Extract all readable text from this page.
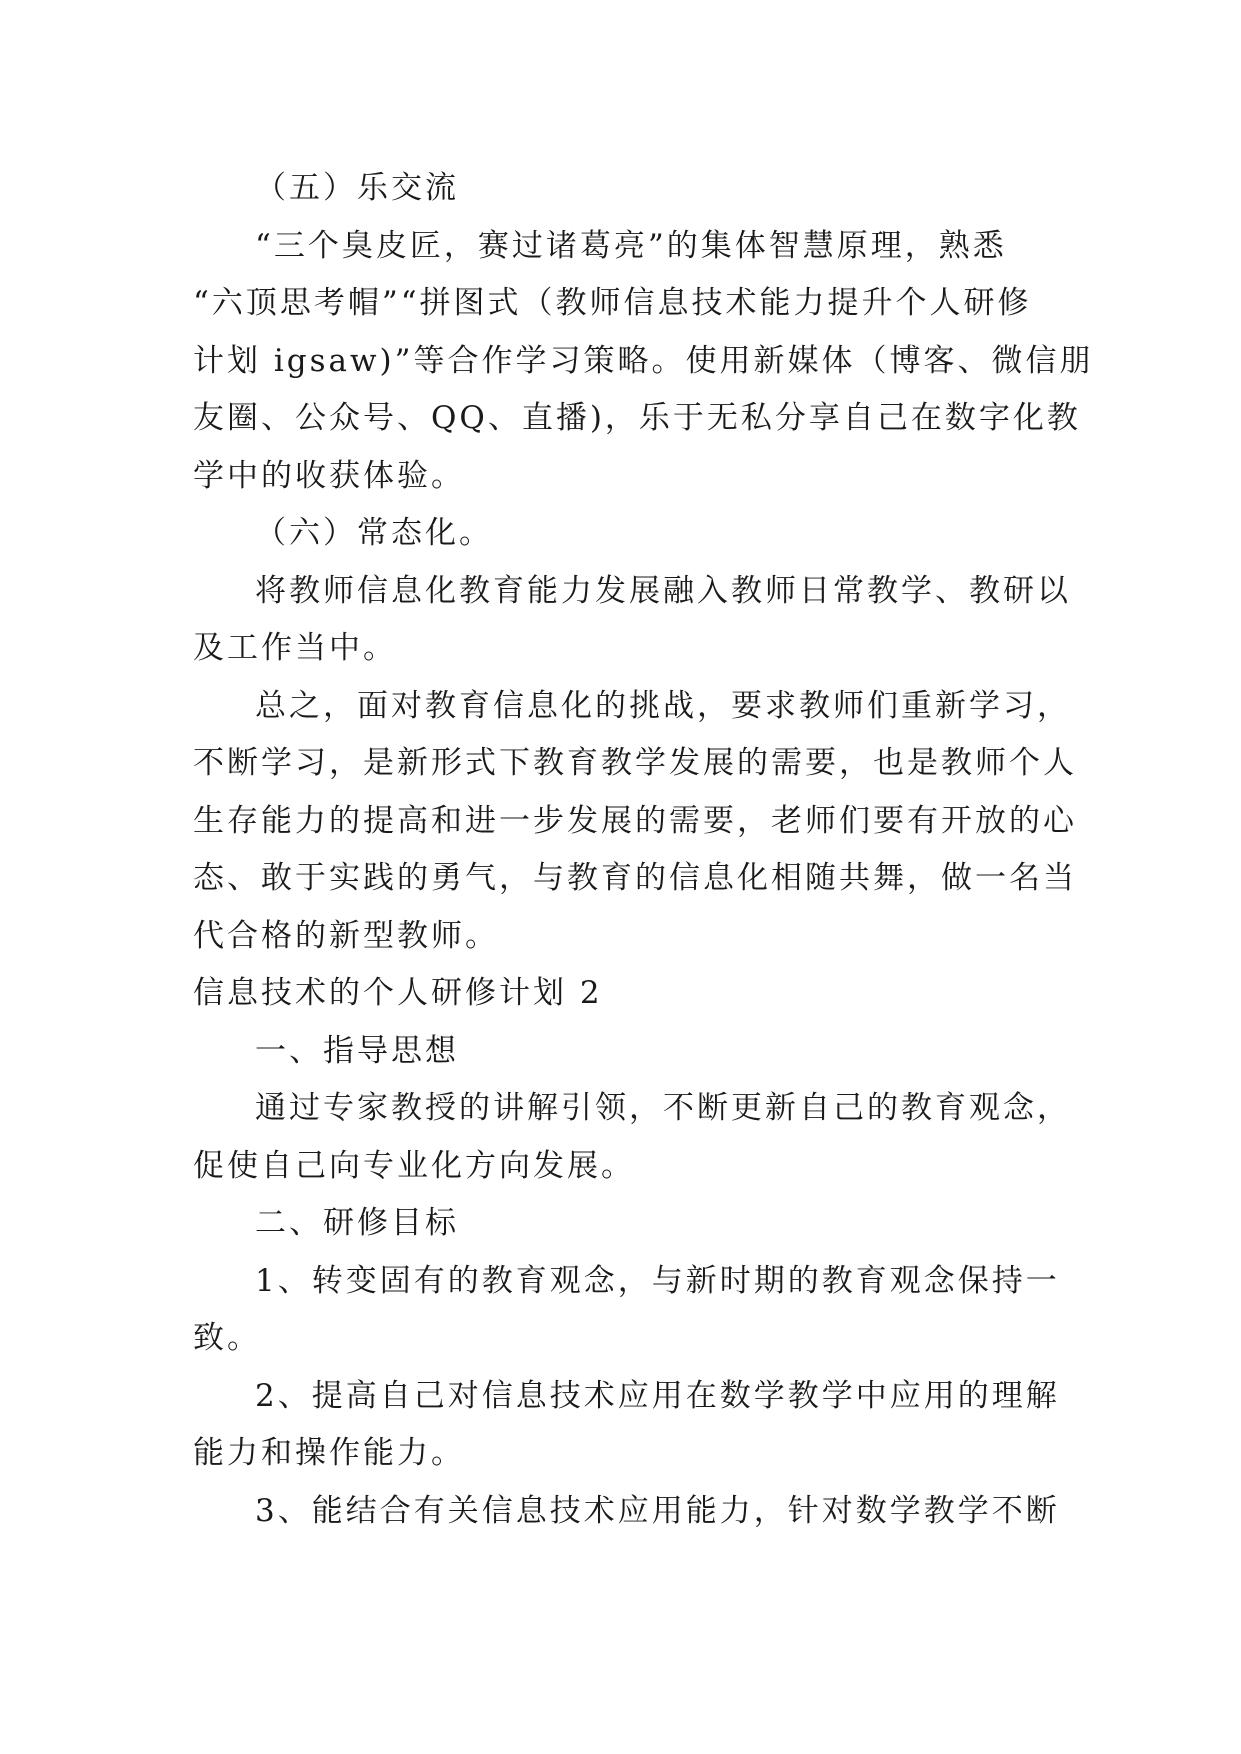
（五）乐交流
“三个臭皮匠，赛过诸葛亮”的集体智慧原理，熟悉
“六顶思考帽”“拼图式（教师信息技术能力提升个人研修
计划 igsaw)”等合作学习策略。使用新媒体（博客、微信朋
友圈、公众号、QQ、直播)，乐于无私分享自己在数字化教
学中的收获体验。
（六）常态化。
将教师信息化教育能力发展融入教师日常教学、教研以
及工作当中。
总之，面对教育信息化的挑战，要求教师们重新学习，
不断学习，是新形式下教育教学发展的需要，也是教师个人
生存能力的提高和进一步发展的需要，老师们要有开放的心
态、敢于实践的勇气，与教育的信息化相随共舞，做一名当
代合格的新型教师。
信息技术的个人研修计划 2
一、指导思想
通过专家教授的讲解引领，不断更新自己的教育观念，
促使自己向专业化方向发展。
二、研修目标
1、转变固有的教育观念，与新时期的教育观念保持一
致。
2、提高自己对信息技术应用在数学教学中应用的理解
能力和操作能力。
3、能结合有关信息技术应用能力，针对数学教学不断
